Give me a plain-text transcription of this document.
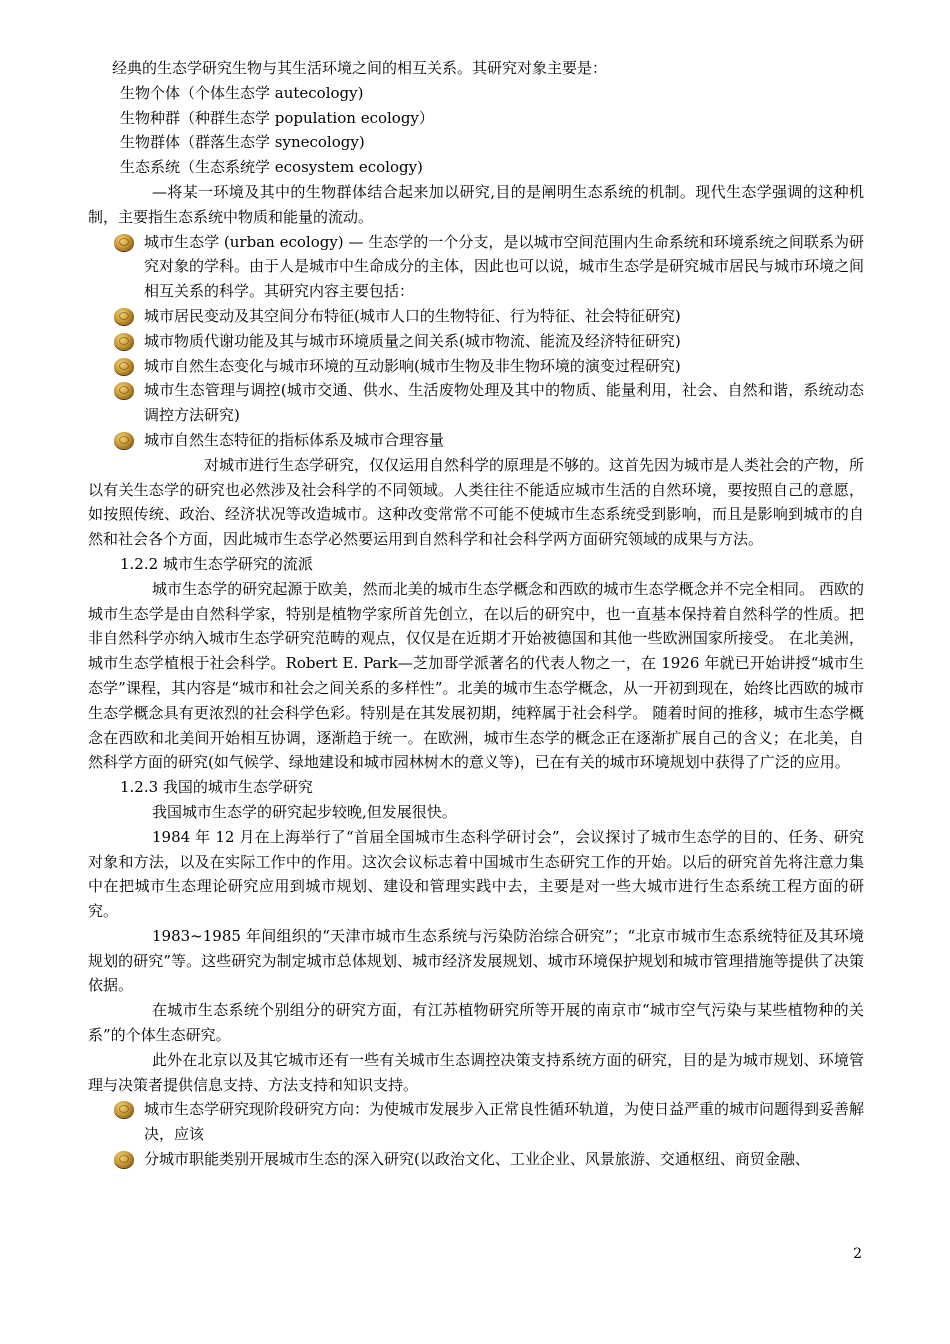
经典的生态学研究生物与其生活环境之间的相互关系。其研究对象主要是：

生物个体（个体生态学 autecology)

生物种群（种群生态学 population ecology）

生物群体（群落生态学 synecology)

生态系统（生态系统学 ecosystem ecology)

—将某一环境及其中的生物群体结合起来加以研究,目的是阐明生态系统的机制。现代生态学强调的这种机制，主要指生态系统中物质和能量的流动。

城市生态学 (urban ecology) — 生态学的一个分支，是以城市空间范围内生命系统和环境系统之间联系为研究对象的学科。由于人是城市中生命成分的主体，因此也可以说，城市生态学是研究城市居民与城市环境之间相互关系的科学。其研究内容主要包括：
城市居民变动及其空间分布特征(城市人口的生物特征、行为特征、社会特征研究)
城市物质代谢功能及其与城市环境质量之间关系(城市物流、能流及经济特征研究)
城市自然生态变化与城市环境的互动影响(城市生物及非生物环境的演变过程研究)
城市生态管理与调控(城市交通、供水、生活废物处理及其中的物质、能量利用，社会、自然和谐，系统动态调控方法研究)
城市自然生态特征的指标体系及城市合理容量

对城市进行生态学研究，仅仅运用自然科学的原理是不够的。这首先因为城市是人类社会的产物，所以有关生态学的研究也必然涉及社会科学的不同领域。人类往往不能适应城市生活的自然环境，要按照自己的意愿，如按照传统、政治、经济状况等改造城市。这种改变常常不可能不使城市生态系统受到影响，而且是影响到城市的自然和社会各个方面，因此城市生态学必然要运用到自然科学和社会科学两方面研究领域的成果与方法。

1.2.2 城市生态学研究的流派

城市生态学的研究起源于欧美，然而北美的城市生态学概念和西欧的城市生态学概念并不完全相同。 西欧的城市生态学是由自然科学家，特别是植物学家所首先创立，在以后的研究中，也一直基本保持着自然科学的性质。把非自然科学亦纳入城市生态学研究范畴的观点，仅仅是在近期才开始被德国和其他一些欧洲国家所接受。 在北美洲，城市生态学植根于社会科学。Robert E. Park—芝加哥学派著名的代表人物之一，在 1926 年就已开始讲授“城市生态学”课程，其内容是“城市和社会之间关系的多样性”。北美的城市生态学概念，从一开初到现在，始终比西欧的城市生态学概念具有更浓烈的社会科学色彩。特别是在其发展初期，纯粹属于社会科学。 随着时间的推移，城市生态学概念在西欧和北美间开始相互协调，逐渐趋于统一。在欧洲，城市生态学的概念正在逐渐扩展自己的含义；在北美，自然科学方面的研究(如气候学、绿地建设和城市园林树木的意义等)，已在有关的城市环境规划中获得了广泛的应用。

1.2.3 我国的城市生态学研究

我国城市生态学的研究起步较晚,但发展很快。

1984 年 12 月在上海举行了“首届全国城市生态科学研讨会”，会议探讨了城市生态学的目的、任务、研究对象和方法，以及在实际工作中的作用。这次会议标志着中国城市生态研究工作的开始。以后的研究首先将注意力集中在把城市生态理论研究应用到城市规划、建设和管理实践中去，主要是对一些大城市进行生态系统工程方面的研究。

1983~1985 年间组织的“天津市城市生态系统与污染防治综合研究”；“北京市城市生态系统特征及其环境规划的研究”等。这些研究为制定城市总体规划、城市经济发展规划、城市环境保护规划和城市管理措施等提供了决策依据。

在城市生态系统个别组分的研究方面，有江苏植物研究所等开展的南京市“城市空气污染与某些植物种的关系”的个体生态研究。

此外在北京以及其它城市还有一些有关城市生态调控决策支持系统方面的研究，目的是为城市规划、环境管理与决策者提供信息支持、方法支持和知识支持。

城市生态学研究现阶段研究方向：为使城市发展步入正常良性循环轨道，为使日益严重的城市问题得到妥善解决，应该
分城市职能类别开展城市生态的深入研究(以政治文化、工业企业、风景旅游、交通枢纽、商贸金融、
2
